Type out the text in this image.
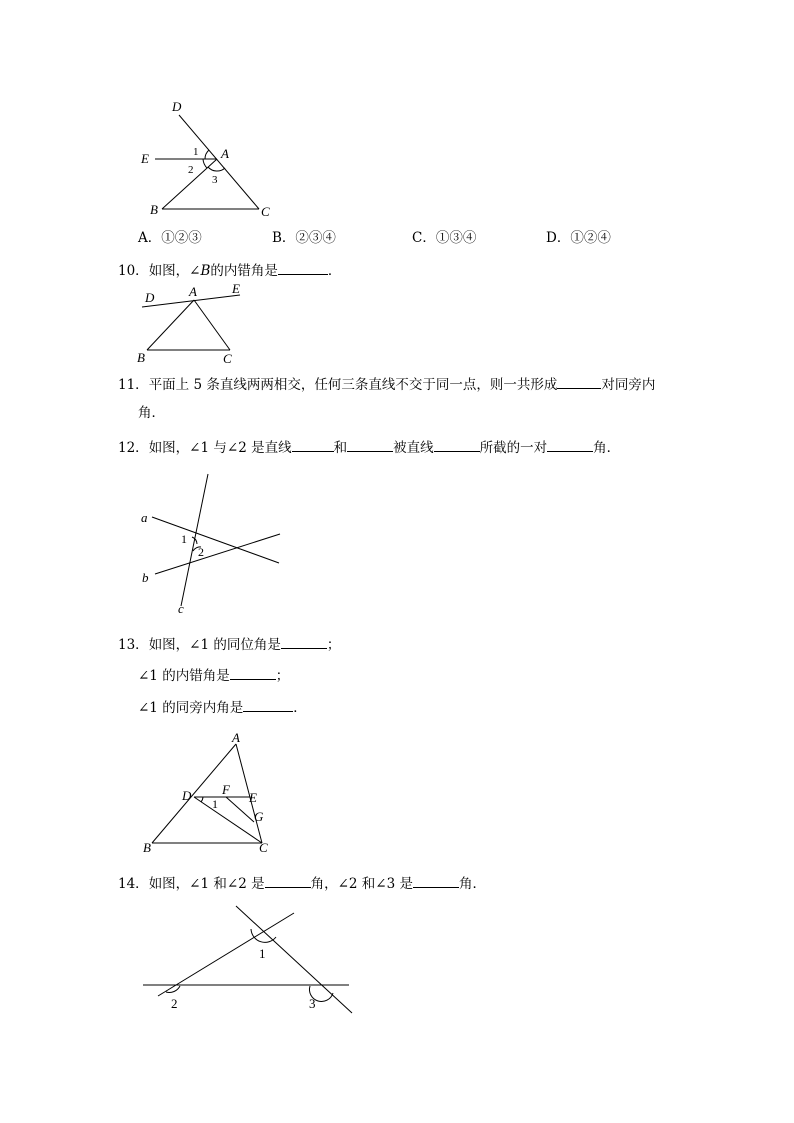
D
E	A
B	C
1
2
3
A．①②③	B．②③④	C．①③④	D．①②④
10．如图，∠B的内错角是	．
D	A	E
B	C
11．平面上 5 条直线两两相交，任何三条直线不交于同一点，则一共形成	对同旁内
角．
12．如图，∠1 与∠2 是直线	和	被直线	所截的一对	角．
a
b
c
1
2
13．如图，∠1 的同位角是	；
∠1 的内错角是	；
∠1 的同旁内角是	．
A
D F
E
G
B	C
1
14．如图，∠1 和∠2 是	角，∠2 和∠3 是	角．
1
2	3
